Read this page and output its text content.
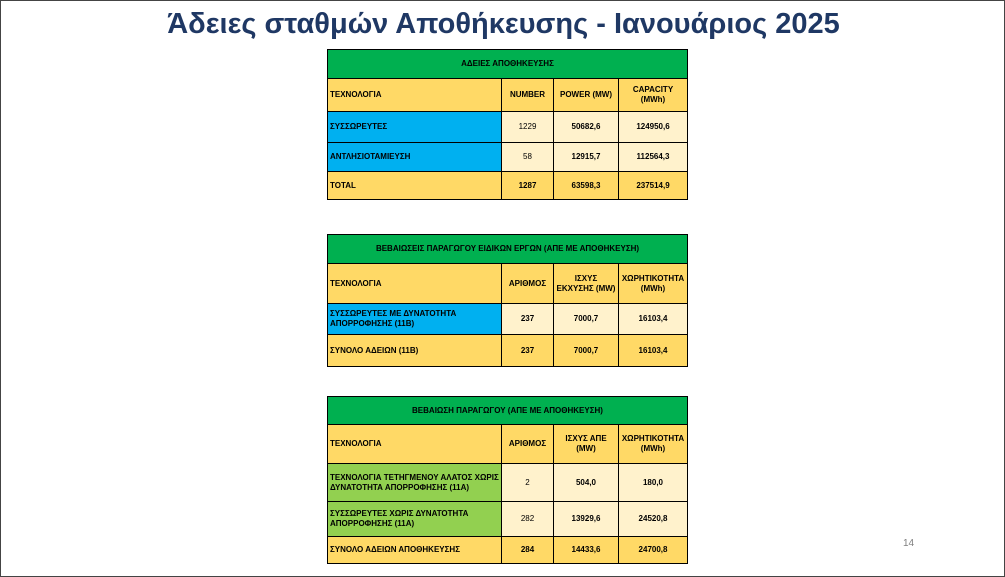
Άδειες σταθμών Αποθήκευσης - Ιανουάριος 2025
ΑΔΕΙΕΣ ΑΠΟΘΗΚΕΥΣΗΣ			
ΤΕΧΝΟΛΟΓΙΑ	NUMBER	POWER (MW)	CAPACITY (MWh)
ΣΥΣΣΩΡΕΥΤΕΣ	1229	50682,6	124950,6
ΑΝΤΛΗΣΙΟΤΑΜΙΕΥΣΗ	58	12915,7	112564,3
TOTAL	1287	63598,3	237514,9
ΒΕΒΑΙΩΣΕΙΣ ΠΑΡΑΓΩΓΟΥ ΕΙΔΙΚΩΝ ΕΡΓΩΝ (ΑΠΕ ΜΕ ΑΠΟΘΗΚΕΥΣΗ)			
ΤΕΧΝΟΛΟΓΙΑ	ΑΡΙΘΜΟΣ	ΙΣΧΥΣ ΕΚΧΥΣΗΣ (MW)	ΧΩΡΗΤΙΚΟΤΗΤΑ (MWh)
ΣΥΣΣΩΡΕΥΤΕΣ ΜΕ ΔΥΝΑΤΟΤΗΤΑ ΑΠΟΡΡΟΦΗΣΗΣ (11Β)	237	7000,7	16103,4
ΣΥΝΟΛΟ ΑΔΕΙΩΝ (11Β)	237	7000,7	16103,4
ΒΕΒΑΙΩΣΗ ΠΑΡΑΓΩΓΟΥ (ΑΠΕ ΜΕ ΑΠΟΘΗΚΕΥΣΗ)			
ΤΕΧΝΟΛΟΓΙΑ	ΑΡΙΘΜΟΣ	ΙΣΧΥΣ ΑΠΕ (MW)	ΧΩΡΗΤΙΚΟΤΗΤΑ (MWh)
ΤΕΧΝΟΛΟΓΙΑ ΤΕΤΗΓΜΕΝΟΥ ΑΛΑΤΟΣ ΧΩΡΙΣ ΔΥΝΑΤΟΤΗΤΑ ΑΠΟΡΡΟΦΗΣΗΣ (11Α)	2	504,0	180,0
ΣΥΣΣΩΡΕΥΤΕΣ ΧΩΡΙΣ ΔΥΝΑΤΟΤΗΤΑ ΑΠΟΡΡΟΦΗΣΗΣ (11Α)	282	13929,6	24520,8
ΣΥΝΟΛΟ ΑΔΕΙΩΝ ΑΠΟΘΗΚΕΥΣΗΣ	284	14433,6	24700,8
14
